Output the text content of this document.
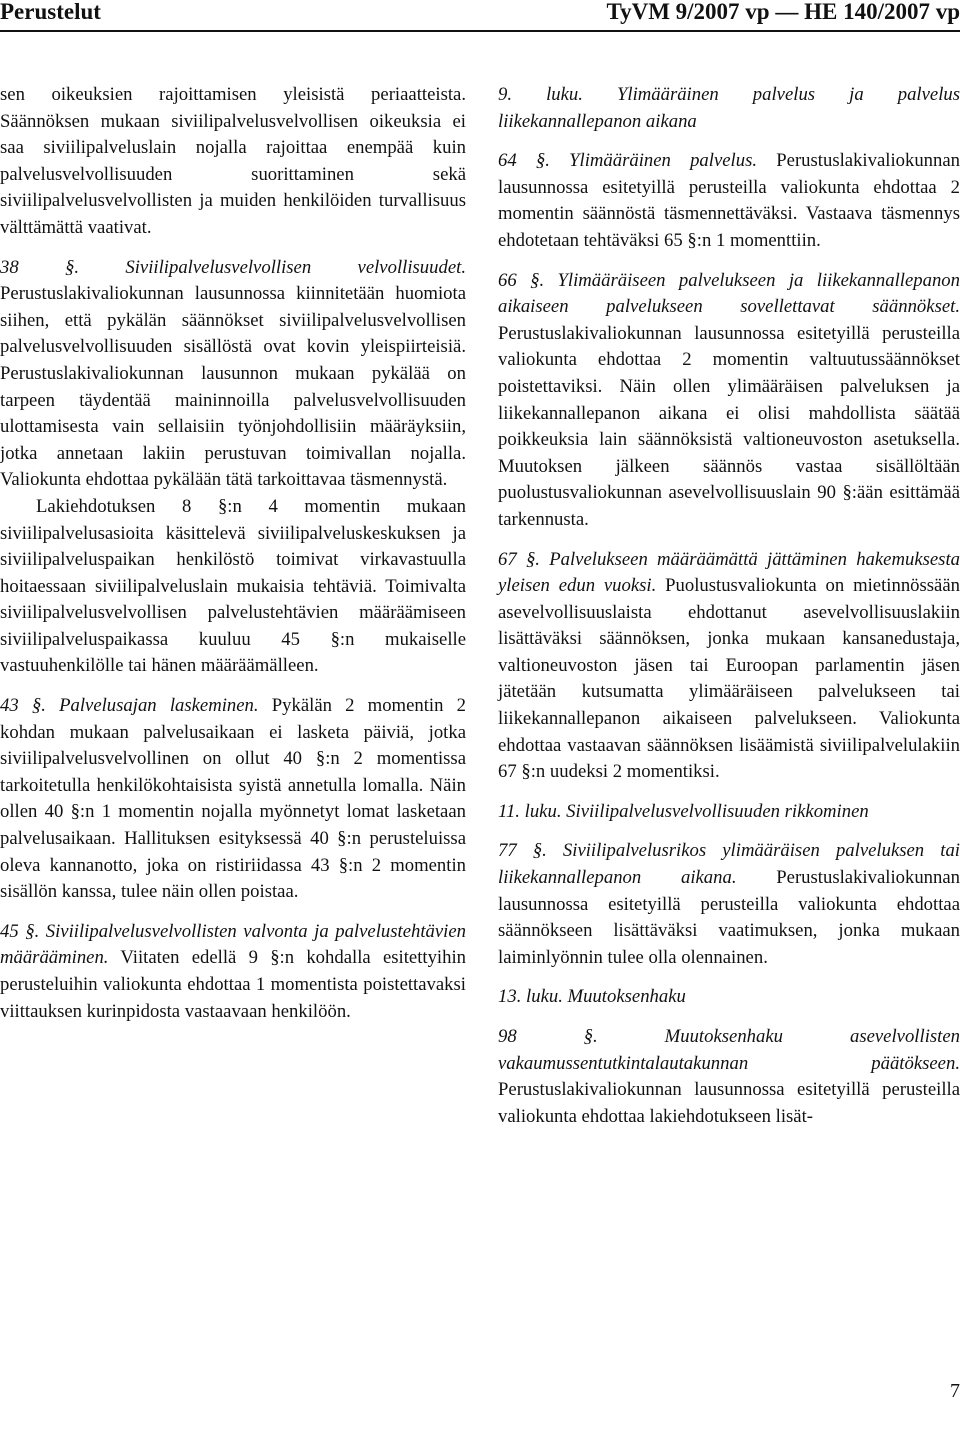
Perustelut	TyVM 9/2007 vp — HE 140/2007 vp

sen oikeuksien rajoittamisen yleisistä periaatteista. Säännöksen mukaan siviilipalvelusvelvollisen oikeuksia ei saa siviilipalveluslain nojalla rajoittaa enempää kuin palvelusvelvollisuuden suorittaminen sekä siviilipalvelusvelvollisten ja muiden henkilöiden turvallisuus välttämättä vaativat.

38 §. Siviilipalvelusvelvollisen velvollisuudet. Perustuslakivaliokunnan lausunnossa kiinnitetään huomiota siihen, että pykälän säännökset siviilipalvelusvelvollisen palvelusvelvollisuuden sisällöstä ovat kovin yleispiirteisiä. Perustuslakivaliokunnan lausunnon mukaan pykälää on tarpeen täydentää maininnoilla palvelusvelvollisuuden ulottamisesta vain sellaisiin työnjohdollisiin määräyksiin, jotka annetaan lakiin perustuvan toimivallan nojalla. Valiokunta ehdottaa pykälään tätä tarkoittavaa täsmennystä.

Lakiehdotuksen 8 §:n 4 momentin mukaan siviilipalvelusasioita käsittelevä siviilipalveluskeskuksen ja siviilipalveluspaikan henkilöstö toimivat virkavastuulla hoitaessaan siviilipalveluslain mukaisia tehtäviä. Toimivalta siviilipalvelusvelvollisen palvelustehtävien määräämiseen siviilipalveluspaikassa kuuluu 45 §:n mukaiselle vastuuhenkilölle tai hänen määräämälleen.

43 §. Palvelusajan laskeminen. Pykälän 2 momentin 2 kohdan mukaan palvelusaikaan ei lasketa päiviä, jotka siviilipalvelusvelvollinen on ollut 40 §:n 2 momentissa tarkoitetulla henkilökohtaisista syistä annetulla lomalla. Näin ollen 40 §:n 1 momentin nojalla myönnetyt lomat lasketaan palvelusaikaan. Hallituksen esityksessä 40 §:n perusteluissa oleva kannanotto, joka on ristiriidassa 43 §:n 2 momentin sisällön kanssa, tulee näin ollen poistaa.

45 §. Siviilipalvelusvelvollisten valvonta ja palvelustehtävien määrääminen. Viitaten edellä 9 §:n kohdalla esitettyihin perusteluihin valiokunta ehdottaa 1 momentista poistettavaksi viittauksen kurinpidosta vastaavaan henkilöön.

9. luku. Ylimääräinen palvelus ja palvelus liikekannallepanon aikana

64 §. Ylimääräinen palvelus. Perustuslakivaliokunnan lausunnossa esitetyillä perusteilla valiokunta ehdottaa 2 momentin säännöstä täsmennettäväksi. Vastaava täsmennys ehdotetaan tehtäväksi 65 §:n 1 momenttiin.

66 §. Ylimääräiseen palvelukseen ja liikekannallepanon aikaiseen palvelukseen sovellettavat säännökset. Perustuslakivaliokunnan lausunnossa esitetyillä perusteilla valiokunta ehdottaa 2 momentin valtuutussäännökset poistettaviksi. Näin ollen ylimääräisen palveluksen ja liikekannallepanon aikana ei olisi mahdollista säätää poikkeuksia lain säännöksistä valtioneuvoston asetuksella. Muutoksen jälkeen säännös vastaa sisällöltään puolustusvaliokunnan asevelvollisuuslain 90 §:ään esittämää tarkennusta.

67 §. Palvelukseen määräämättä jättäminen hakemuksesta yleisen edun vuoksi. Puolustusvaliokunta on mietinnössään asevelvollisuuslaista ehdottanut asevelvollisuuslakiin lisättäväksi säännöksen, jonka mukaan kansanedustaja, valtioneuvoston jäsen tai Euroopan parlamentin jäsen jätetään kutsumatta ylimääräiseen palvelukseen tai liikekannallepanon aikaiseen palvelukseen. Valiokunta ehdottaa vastaavan säännöksen lisäämistä siviilipalvelulakiin 67 §:n uudeksi 2 momentiksi.

11. luku. Siviilipalvelusvelvollisuuden rikkominen

77 §. Siviilipalvelusrikos ylimääräisen palveluksen tai liikekannallepanon aikana. Perustuslakivaliokunnan lausunnossa esitetyillä perusteilla valiokunta ehdottaa säännökseen lisättäväksi vaatimuksen, jonka mukaan laiminlyönnin tulee olla olennainen.

13. luku. Muutoksenhaku

98 §. Muutoksenhaku asevelvollisten vakaumussentutkintalautakunnan päätökseen. Perustuslakivaliokunnan lausunnossa esitetyillä perusteilla valiokunta ehdottaa lakiehdotukseen lisät-

7
